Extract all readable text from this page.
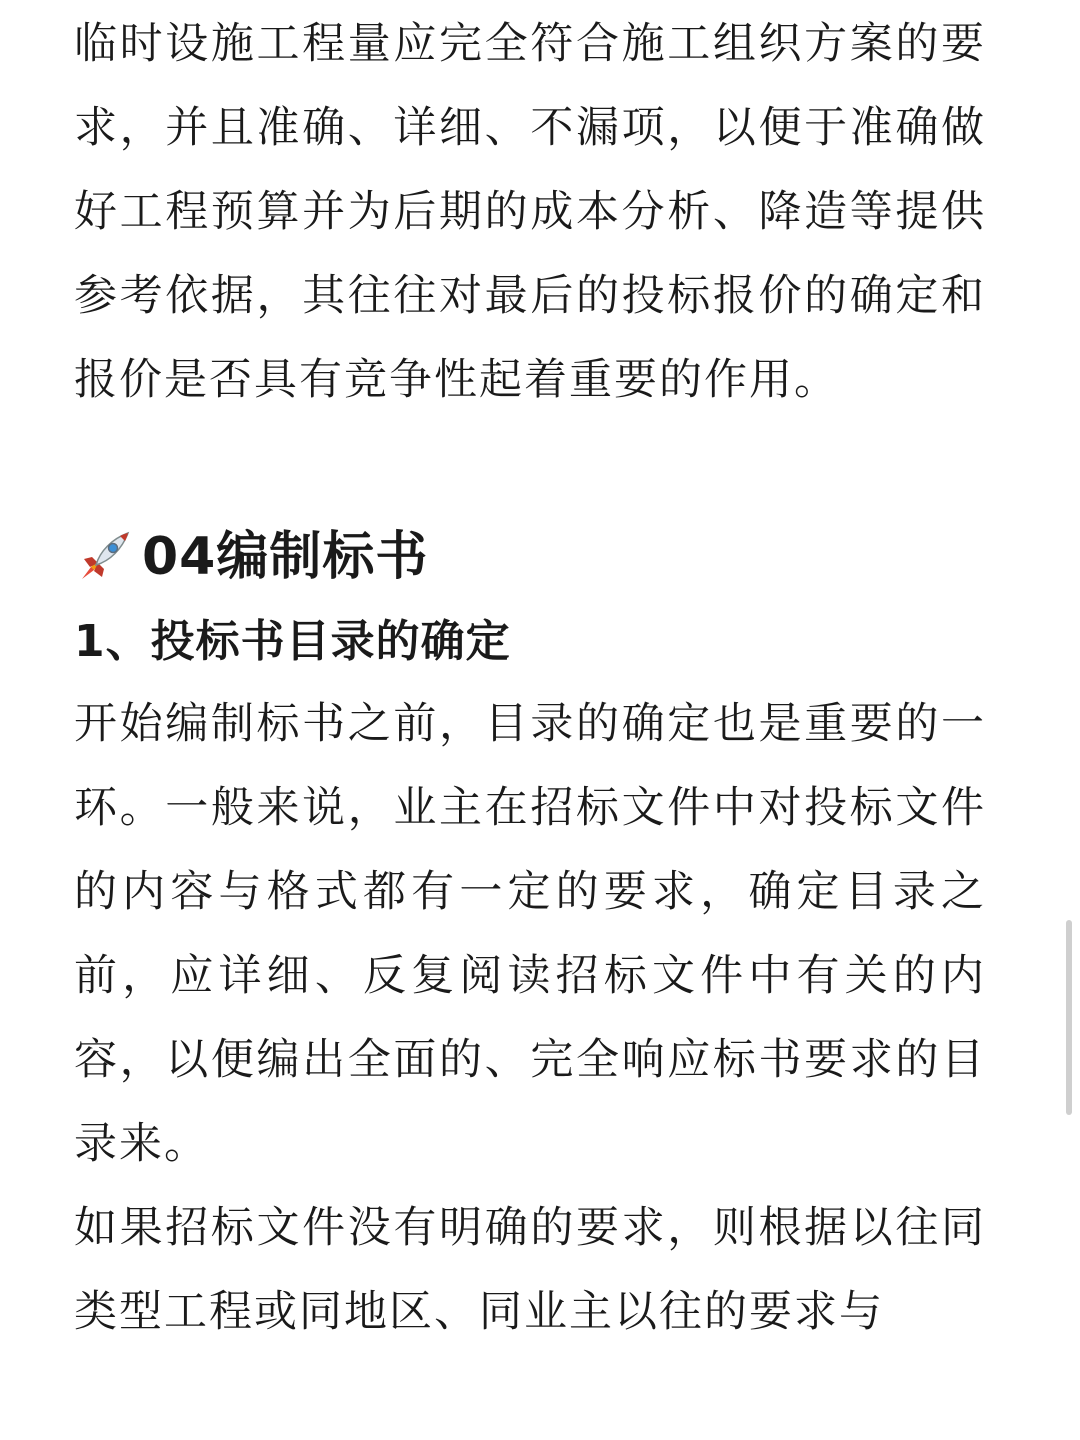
临时设施工程量应完全符合施工组织方案的要求，并且准确、详细、不漏项，以便于准确做好工程预算并为后期的成本分析、降造等提供参考依据，其往往对最后的投标报价的确定和报价是否具有竞争性起着重要的作用。

04编制标书
1、投标书目录的确定

开始编制标书之前，目录的确定也是重要的一环。一般来说，业主在招标文件中对投标文件的内容与格式都有一定的要求，确定目录之前，应详细、反复阅读招标文件中有关的内容，以便编出全面的、完全响应标书要求的目录来。

如果招标文件没有明确的要求，则根据以往同类型工程或同地区、同业主以往的要求与
